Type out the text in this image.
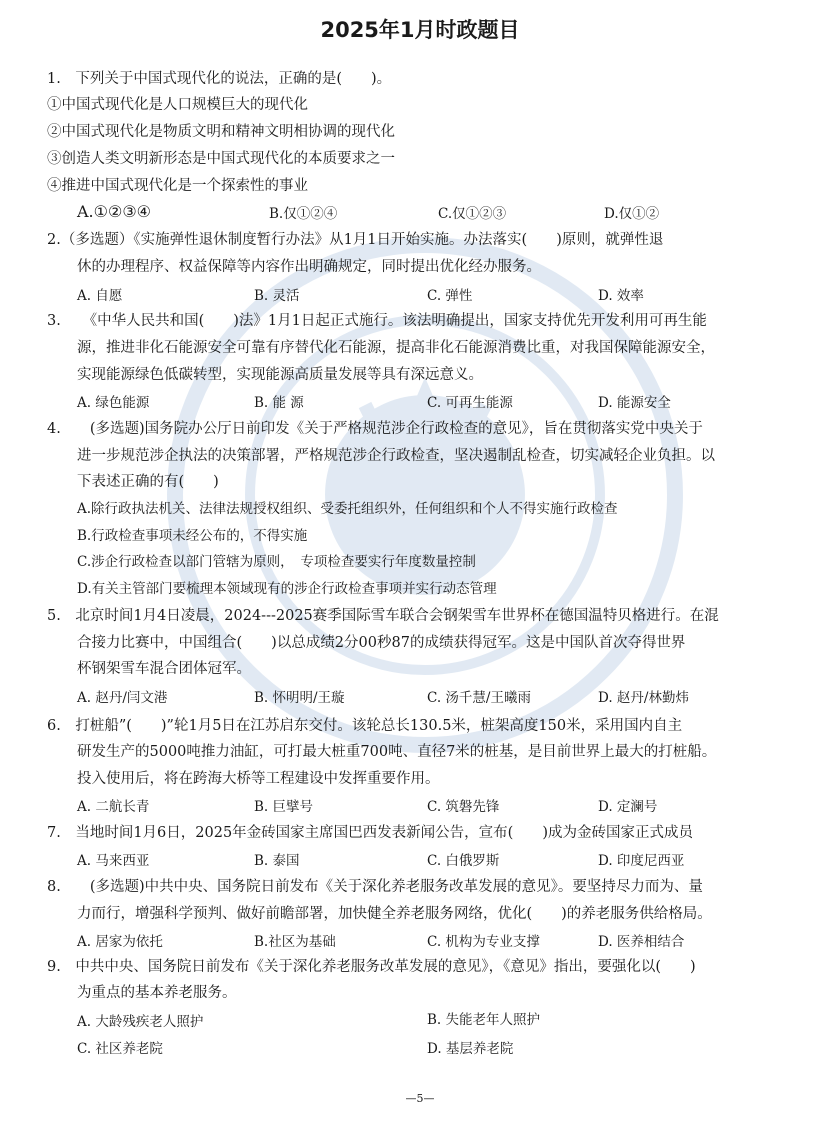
2025年1月时政题目
1.　下列关于中国式现代化的说法，正确的是(　　)。
①中国式现代化是人口规模巨大的现代化
②中国式现代化是物质文明和精神文明相协调的现代化
③创造人类文明新形态是中国式现代化的本质要求之一
④推进中国式现代化是一个探索性的事业
A.①②③④	B.仅①②④	C.仅①②③	D.仅①②
2.（多选题）《实施弹性退休制度暂行办法》从1月1日开始实施。办法落实(　　)原则，就弹性退
休的办理程序、权益保障等内容作出明确规定，同时提出优化经办服务。
A. 自愿	B. 灵活	C. 弹性	D. 效率
3.　　《中华人民共和国(　　)法》1月1日起正式施行。该法明确提出，国家支持优先开发利用可再生能
源，推进非化石能源安全可靠有序替代化石能源，提高非化石能源消费比重，对我国保障能源安全，
实现能源绿色低碳转型，实现能源高质量发展等具有深远意义。
A. 绿色能源	B. 能 源	C. 可再生能源	D. 能源安全
4.　　(多选题)国务院办公厅日前印发《关于严格规范涉企行政检查的意见》，旨在贯彻落实党中央关于
进一步规范涉企执法的决策部署，严格规范涉企行政检查，坚决遏制乱检查，切实减轻企业负担。以
下表述正确的有(　　)
A.除行政执法机关、法律法规授权组织、受委托组织外，任何组织和个人不得实施行政检查
B.行政检查事项未经公布的，不得实施
C.涉企行政检查以部门管辖为原则，　专项检查要实行年度数量控制
D.有关主管部门要梳理本领域现有的涉企行政检查事项并实行动态管理
5.　北京时间1月4日凌晨，2024---2025赛季国际雪车联合会钢架雪车世界杯在德国温特贝格进行。在混
合接力比赛中，中国组合(　　)以总成绩2分00秒87的成绩获得冠军。这是中国队首次夺得世界
杯钢架雪车混合团体冠军。
A. 赵丹/闫文港	B. 怀明明/王璇	C. 汤千慧/王曦雨	D. 赵丹/林勤炜
6.　打桩船”(　　)”轮1月5日在江苏启东交付。该轮总长130.5米，桩架高度150米，采用国内自主
研发生产的5000吨推力油缸，可打最大桩重700吨、直径7米的桩基，是目前世界上最大的打桩船。
投入使用后，将在跨海大桥等工程建设中发挥重要作用。
A. 二航长青	B. 巨擘号	C. 筑磐先锋	D. 定澜号
7.　当地时间1月6日，2025年金砖国家主席国巴西发表新闻公告，宣布(　　)成为金砖国家正式成员
A. 马来西亚	B. 泰国	C. 白俄罗斯	D. 印度尼西亚
8.　　(多选题)中共中央、国务院日前发布《关于深化养老服务改革发展的意见》。要坚持尽力而为、量
力而行，增强科学预判、做好前瞻部署，加快健全养老服务网络，优化(　　)的养老服务供给格局。
A. 居家为依托	B.社区为基础	C. 机构为专业支撑	D. 医养相结合
9.　中共中央、国务院日前发布《关于深化养老服务改革发展的意见》，《意见》指出，要强化以(　　)
为重点的基本养老服务。
A. 大龄残疾老人照护	B. 失能老年人照护
C. 社区养老院	D. 基层养老院
—5—
